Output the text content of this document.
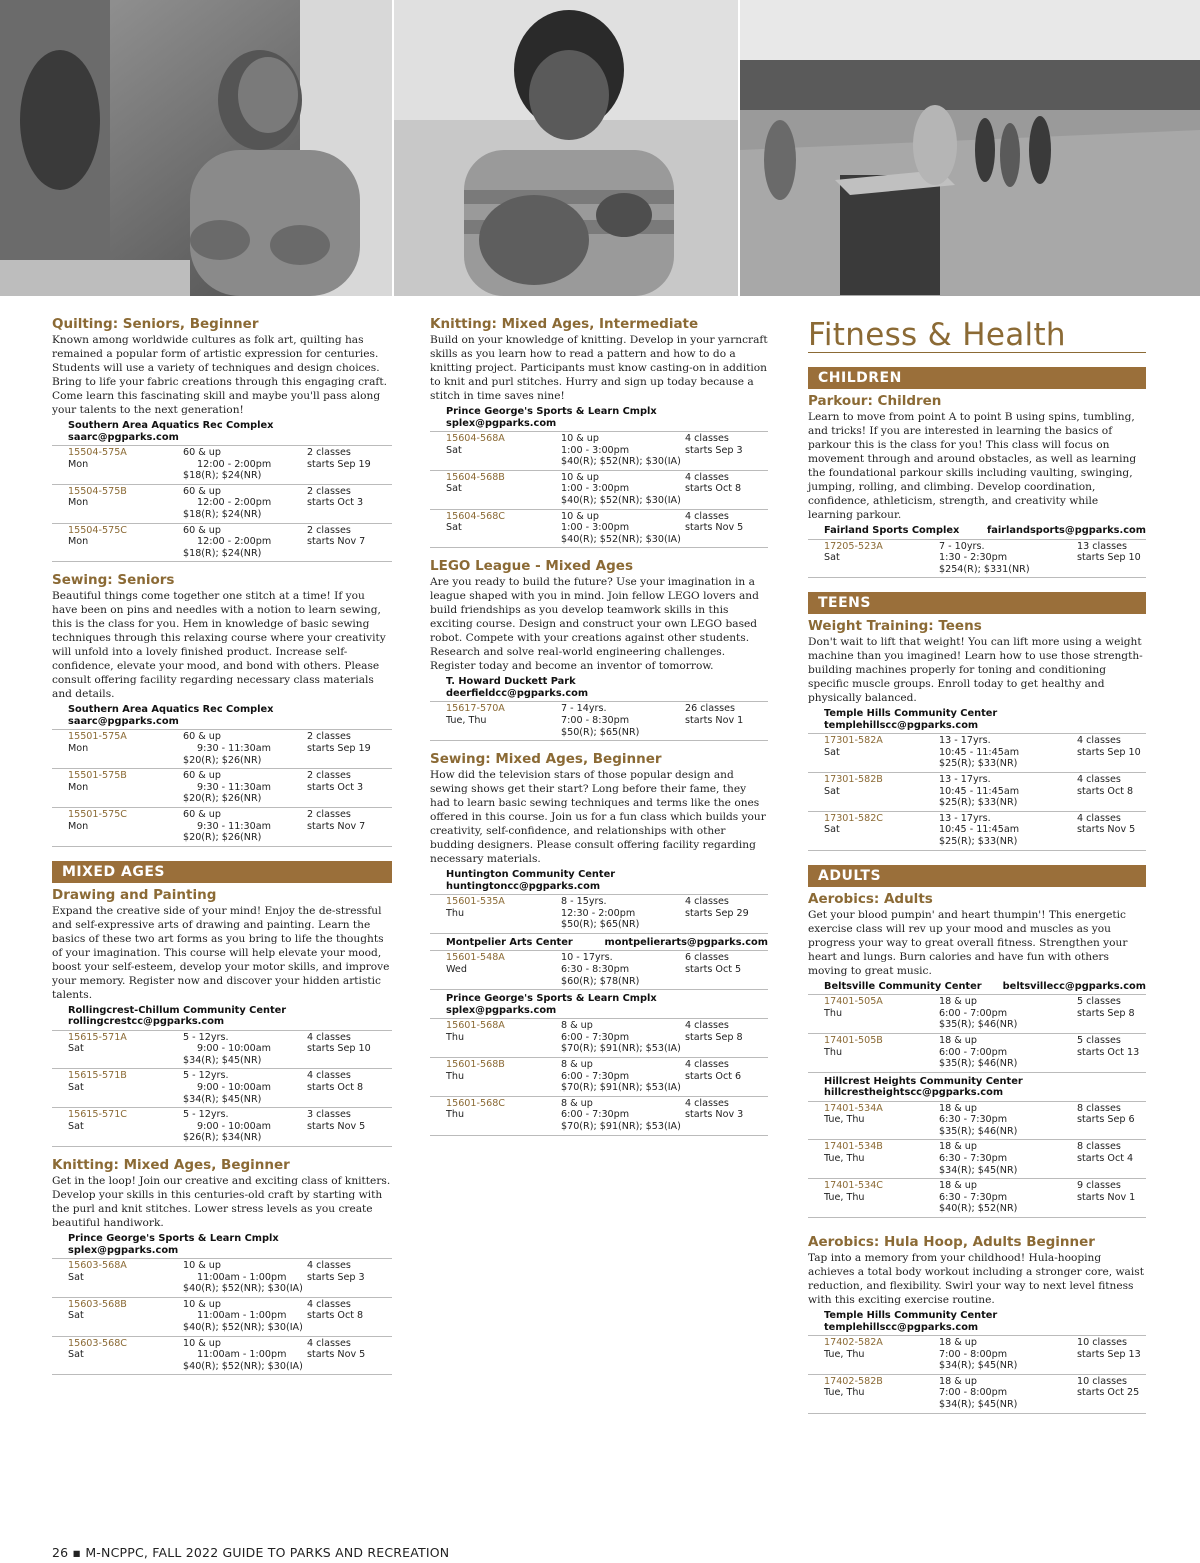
Quilting: Seniors, Beginner
Known among worldwide cultures as folk art, quilting has remained a popular form of artistic expression for centuries. Students will use a variety of techniques and design choices. Bring to life your fabric creations through this engaging craft. Come learn this fascinating skill and maybe you'll pass along your talents to the next generation!
Southern Area Aquatics Rec Complex
saarc@pgparks.com
15504-575A	60 & up	2 classes
Mon	12:00 - 2:00pm	starts Sep 19
$18(R); $24(NR)
15504-575B	60 & up	2 classes
Mon	12:00 - 2:00pm	starts Oct 3
$18(R); $24(NR)
15504-575C	60 & up	2 classes
Mon	12:00 - 2:00pm	starts Nov 7
$18(R); $24(NR)
Sewing: Seniors
Beautiful things come together one stitch at a time! If you have been on pins and needles with a notion to learn sewing, this is the class for you. Hem in knowledge of basic sewing techniques through this relaxing course where your creativity will unfold into a lovely finished product. Increase self-confidence, elevate your mood, and bond with others. Please consult offering facility regarding necessary class materials and details.
Southern Area Aquatics Rec Complex
saarc@pgparks.com
15501-575A	60 & up	2 classes
Mon	9:30 - 11:30am	starts Sep 19
$20(R); $26(NR)
15501-575B	60 & up	2 classes
Mon	9:30 - 11:30am	starts Oct 3
$20(R); $26(NR)
15501-575C	60 & up	2 classes
Mon	9:30 - 11:30am	starts Nov 7
$20(R); $26(NR)
MIXED AGES
Drawing and Painting
Expand the creative side of your mind! Enjoy the de-stressful and self-expressive arts of drawing and painting. Learn the basics of these two art forms as you bring to life the thoughts of your imagination. This course will help elevate your mood, boost your self-esteem, develop your motor skills, and improve your memory. Register now and discover your hidden artistic talents.
Rollingcrest-Chillum Community Center
rollingcrestcc@pgparks.com
15615-571A	5 - 12yrs.	4 classes
Sat	9:00 - 10:00am	starts Sep 10
$34(R); $45(NR)
15615-571B	5 - 12yrs.	4 classes
Sat	9:00 - 10:00am	starts Oct 8
$34(R); $45(NR)
15615-571C	5 - 12yrs.	3 classes
Sat	9:00 - 10:00am	starts Nov 5
$26(R); $34(NR)
Knitting: Mixed Ages, Beginner
Get in the loop! Join our creative and exciting class of knitters. Develop your skills in this centuries-old craft by starting with the purl and knit stitches. Lower stress levels as you create beautiful handiwork.
Prince George's Sports & Learn Cmplx
splex@pgparks.com
15603-568A	10 & up	4 classes
Sat	11:00am - 1:00pm	starts Sep 3
$40(R); $52(NR); $30(IA)
15603-568B	10 & up	4 classes
Sat	11:00am - 1:00pm	starts Oct 8
$40(R); $52(NR); $30(IA)
15603-568C	10 & up	4 classes
Sat	11:00am - 1:00pm	starts Nov 5
$40(R); $52(NR); $30(IA)
Knitting: Mixed Ages, Intermediate
Build on your knowledge of knitting. Develop in your yarncraft skills as you learn how to read a pattern and how to do a knitting project. Participants must know casting-on in addition to knit and purl stitches. Hurry and sign up today because a stitch in time saves nine!
Prince George's Sports & Learn Cmplx
splex@pgparks.com
15604-568A	10 & up	4 classes
Sat	1:00 - 3:00pm	starts Sep 3
$40(R); $52(NR); $30(IA)
15604-568B	10 & up	4 classes
Sat	1:00 - 3:00pm	starts Oct 8
$40(R); $52(NR); $30(IA)
15604-568C	10 & up	4 classes
Sat	1:00 - 3:00pm	starts Nov 5
$40(R); $52(NR); $30(IA)
LEGO League - Mixed Ages
Are you ready to build the future? Use your imagination in a league shaped with you in mind. Join fellow LEGO lovers and build friendships as you develop teamwork skills in this exciting course. Design and construct your own LEGO based robot. Compete with your creations against other students. Research and solve real-world engineering challenges. Register today and become an inventor of tomorrow.
T. Howard Duckett Park
deerfieldcc@pgparks.com
15617-570A	7 - 14yrs.	26 classes
Tue, Thu	7:00 - 8:30pm	starts Nov 1
$50(R); $65(NR)
Sewing: Mixed Ages, Beginner
How did the television stars of those popular design and sewing shows get their start? Long before their fame, they had to learn basic sewing techniques and terms like the ones offered in this course. Join us for a fun class which builds your creativity, self-confidence, and relationships with other budding designers. Please consult offering facility regarding necessary materials.
Huntington Community Center
huntingtoncc@pgparks.com
15601-535A	8 - 15yrs.	4 classes
Thu	12:30 - 2:00pm	starts Sep 29
$50(R); $65(NR)
Montpelier Arts Center	montpelierarts@pgparks.com
15601-548A	10 - 17yrs.	6 classes
Wed	6:30 - 8:30pm	starts Oct 5
$60(R); $78(NR)
Prince George's Sports & Learn Cmplx
splex@pgparks.com
15601-568A	8 & up	4 classes
Thu	6:00 - 7:30pm	starts Sep 8
$70(R); $91(NR); $53(IA)
15601-568B	8 & up	4 classes
Thu	6:00 - 7:30pm	starts Oct 6
$70(R); $91(NR); $53(IA)
15601-568C	8 & up	4 classes
Thu	6:00 - 7:30pm	starts Nov 3
$70(R); $91(NR); $53(IA)
Fitness & Health
CHILDREN
Parkour: Children
Learn to move from point A to point B using spins, tumbling, and tricks! If you are interested in learning the basics of parkour this is the class for you! This class will focus on movement through and around obstacles, as well as learning the foundational parkour skills including vaulting, swinging, jumping, rolling, and climbing. Develop coordination, confidence, athleticism, strength, and creativity while learning parkour.
Fairland Sports Complex	fairlandsports@pgparks.com
17205-523A	7 - 10yrs.	13 classes
Sat	1:30 - 2:30pm	starts Sep 10
$254(R); $331(NR)
TEENS
Weight Training: Teens
Don't wait to lift that weight! You can lift more using a weight machine than you imagined! Learn how to use those strength-building machines properly for toning and conditioning specific muscle groups. Enroll today to get healthy and physically balanced.
Temple Hills Community Center
templehillscc@pgparks.com
17301-582A	13 - 17yrs.	4 classes
Sat	10:45 - 11:45am	starts Sep 10
$25(R); $33(NR)
17301-582B	13 - 17yrs.	4 classes
Sat	10:45 - 11:45am	starts Oct 8
$25(R); $33(NR)
17301-582C	13 - 17yrs.	4 classes
Sat	10:45 - 11:45am	starts Nov 5
$25(R); $33(NR)
ADULTS
Aerobics: Adults
Get your blood pumpin' and heart thumpin'! This energetic exercise class will rev up your mood and muscles as you progress your way to great overall fitness. Strengthen your heart and lungs. Burn calories and have fun with others moving to great music.
Beltsville Community Center beltsvillecc@pgparks.com
17401-505A	18 & up	5 classes
Thu	6:00 - 7:00pm	starts Sep 8
$35(R); $46(NR)
17401-505B	18 & up	5 classes
Thu	6:00 - 7:00pm	starts Oct 13
$35(R); $46(NR)
Hillcrest Heights Community Center
hillcrestheightscc@pgparks.com
17401-534A	18 & up	8 classes
Tue, Thu	6:30 - 7:30pm	starts Sep 6
$35(R); $46(NR)
17401-534B	18 & up	8 classes
Tue, Thu	6:30 - 7:30pm	starts Oct 4
$34(R); $45(NR)
17401-534C	18 & up	9 classes
Tue, Thu	6:30 - 7:30pm	starts Nov 1
$40(R); $52(NR)
Aerobics: Hula Hoop, Adults Beginner
Tap into a memory from your childhood! Hula-hooping achieves a total body workout including a stronger core, waist reduction, and flexibility. Swirl your way to next level fitness with this exciting exercise routine.
Temple Hills Community Center
templehillscc@pgparks.com
17402-582A	18 & up	10 classes
Tue, Thu	7:00 - 8:00pm	starts Sep 13
$34(R); $45(NR)
17402-582B	18 & up	10 classes
Tue, Thu	7:00 - 8:00pm	starts Oct 25
$34(R); $45(NR)
26 ▪ M-NCPPC, FALL 2022 GUIDE TO PARKS AND RECREATION
